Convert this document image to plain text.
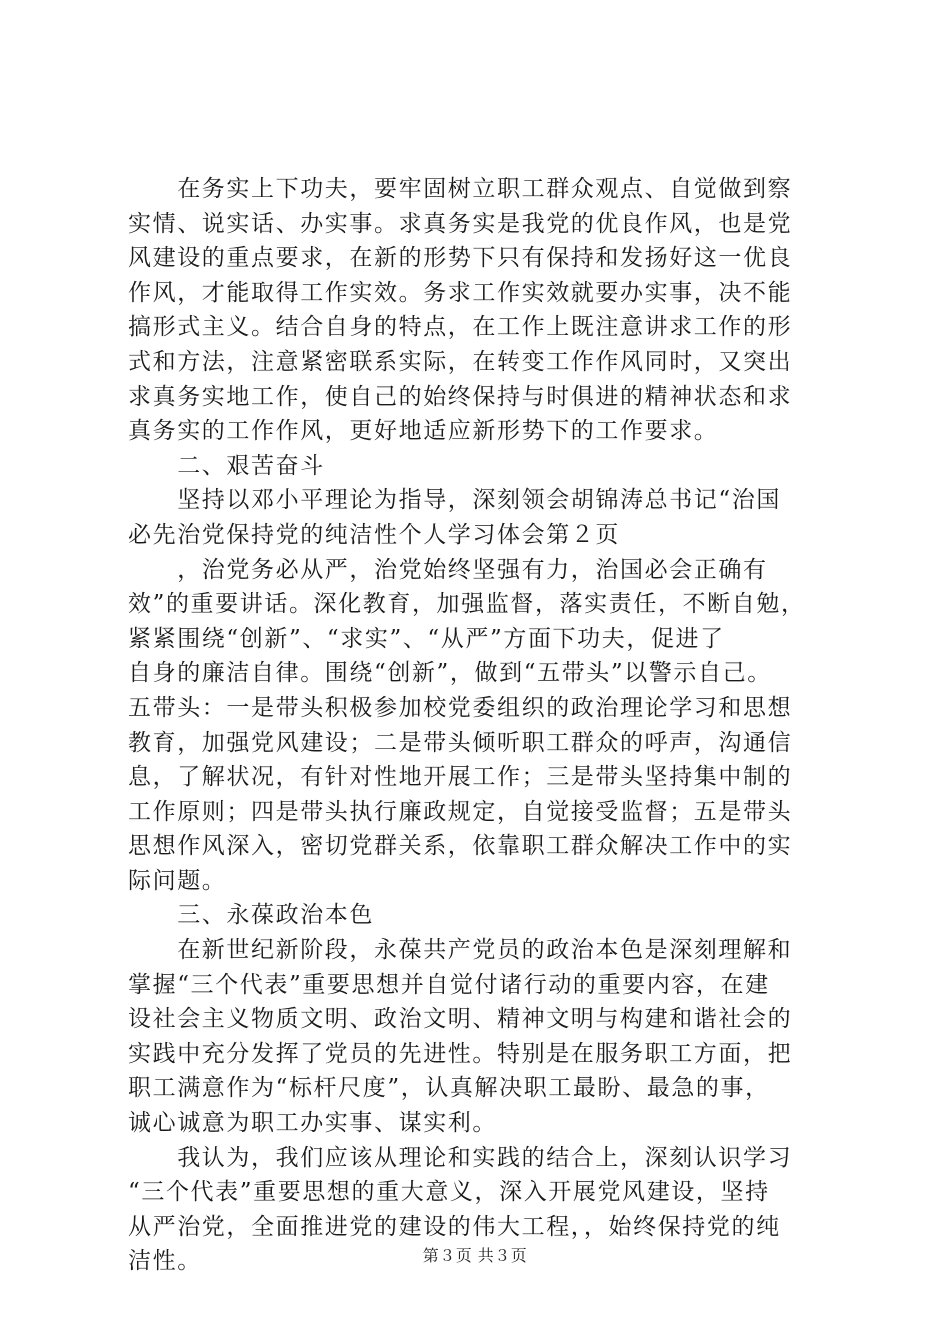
　　在务实上下功夫，要牢固树立职工群众观点、自觉做到察
实情、说实话、办实事。求真务实是我党的优良作风，也是党
风建设的重点要求，在新的形势下只有保持和发扬好这一优良
作风，才能取得工作实效。务求工作实效就要办实事，决不能
搞形式主义。结合自身的特点，在工作上既注意讲求工作的形
式和方法，注意紧密联系实际，在转变工作作风同时，又突出
求真务实地工作，使自己的始终保持与时俱进的精神状态和求
真务实的工作作风，更好地适应新形势下的工作要求。
　　二、艰苦奋斗
　　坚持以邓小平理论为指导，深刻领会胡锦涛总书记“治国
必先治党保持党的纯洁性个人学习体会第２页
　　，治党务必从严，治党始终坚强有力，治国必会正确有
效”的重要讲话。深化教育，加强监督，落实责任，不断自勉，
紧紧围绕“创新”、“求实”、“从严”方面下功夫，促进了
自身的廉洁自律。围绕“创新”，做到“五带头”以警示自己。
五带头：一是带头积极参加校党委组织的政治理论学习和思想
教育，加强党风建设；二是带头倾听职工群众的呼声，沟通信
息，了解状况，有针对性地开展工作；三是带头坚持集中制的
工作原则；四是带头执行廉政规定，自觉接受监督；五是带头
思想作风深入，密切党群关系，依靠职工群众解决工作中的实
际问题。
　　三、永葆政治本色
　　在新世纪新阶段，永葆共产党员的政治本色是深刻理解和
掌握“三个代表”重要思想并自觉付诸行动的重要内容，在建
设社会主义物质文明、政治文明、精神文明与构建和谐社会的
实践中充分发挥了党员的先进性。特别是在服务职工方面，把
职工满意作为“标杆尺度”，认真解决职工最盼、最急的事，
诚心诚意为职工办实事、谋实利。
　　我认为，我们应该从理论和实践的结合上，深刻认识学习
“三个代表”重要思想的重大意义，深入开展党风建设，坚持
从严治党，全面推进党的建设的伟大工程，，始终保持党的纯
洁性。	第３页 共３页
